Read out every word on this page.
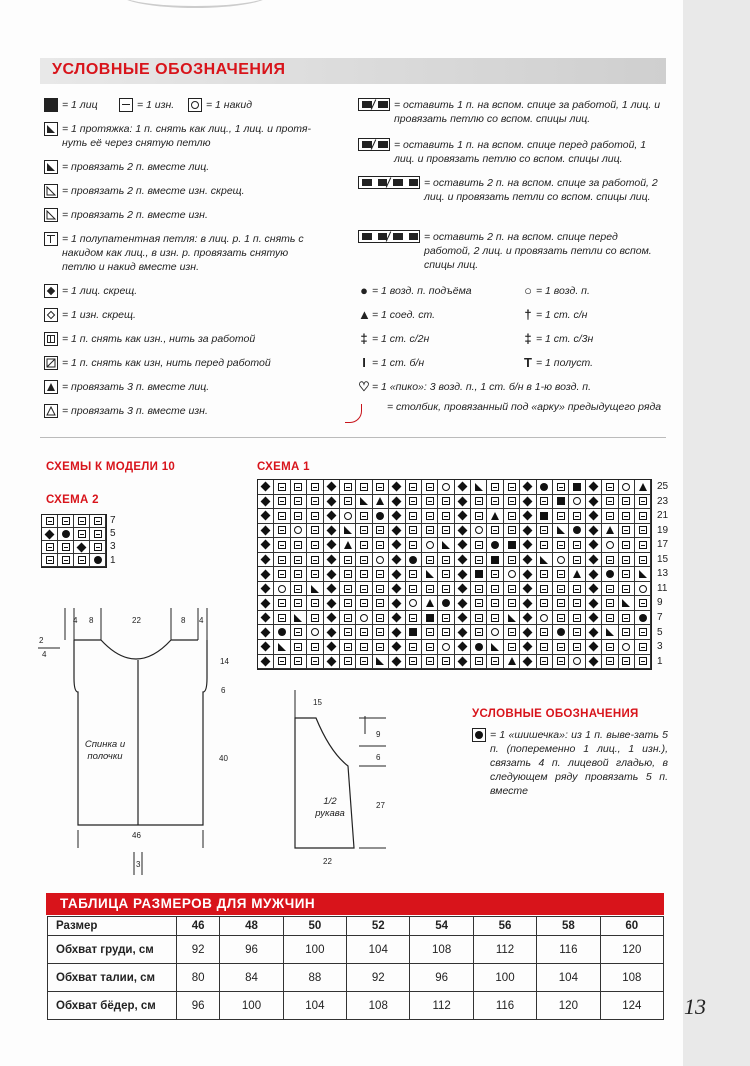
УСЛОВНЫЕ ОБОЗНАЧЕНИЯ
= 1 лиц	= 1 изн.	= 1 накид
= 1 протяжка: 1 п. снять как лиц., 1 лиц. и протя-нуть её через снятую петлю
= провязать 2 п. вместе лиц.
= провязать 2 п. вместе изн. скрещ.
= провязать 2 п. вместе изн.
= 1 полупатентная петля: в лиц. р. 1 п. снять с накидом как лиц., в изн. р. провязать снятую петлю и накид вместе изн.
= 1 лиц. скрещ.
= 1 изн. скрещ.
= 1 п. снять как изн., нить за работой
= 1 п. снять как изн, нить перед работой
= провязать 3 п. вместе лиц.
= провязать 3 п. вместе изн.
= оставить 1 п. на вспом. спице за работой, 1 лиц. и провязать петлю со вспом. спицы лиц.
= оставить 1 п. на вспом. спице перед работой, 1 лиц. и провязать петлю со вспом. спицы лиц.
= оставить 2 п. на вспом. спице за работой, 2 лиц. и провязать петли со вспом. спицы лиц.
= оставить 2 п. на вспом. спице перед работой, 2 лиц. и провязать петли со вспом. спицы лиц.
● = 1 возд. п. подъёма	○ = 1 возд. п.
▲ = 1 соед. ст.	† = 1 ст. с/н
‡ = 1 ст. с/2н	‡ = 1 ст. с/3н
I = 1 ст. б/н	T = 1 полуст.
♡ = 1 «пико»: 3 возд. п., 1 ст. б/н в 1-ю возд. п.
= столбик, провязанный под «арку» предыдущего ряда
СХЕМЫ К МОДЕЛИ 10	СХЕМА 1
СХЕМА 2
25
23
21
19
17
15
13
11
9
7
5
3
1
7
5
3
1
4 8	22	8 4
2
4
14
6
40
46
3
Спинка и полочки
15
9
6
27
22
1/2 рукава
УСЛОВНЫЕ ОБОЗНАЧЕНИЯ
= 1 «шишечка»: из 1 п. выве-зать 5 п. (попеременно 1 лиц., 1 изн.), связать 4 п. лицевой гладью, в следующем ряду провязать 5 п. вместе
ТАБЛИЦА РАЗМЕРОВ ДЛЯ МУЖЧИН
Размер	46	48	50	52	54	56	58	60
Обхват груди, см	92	96	100	104	108	112	116	120
Обхват талии, см	80	84	88	92	96	100	104	108
Обхват бёдер, см	96	100	104	108	112	116	120	124 13
